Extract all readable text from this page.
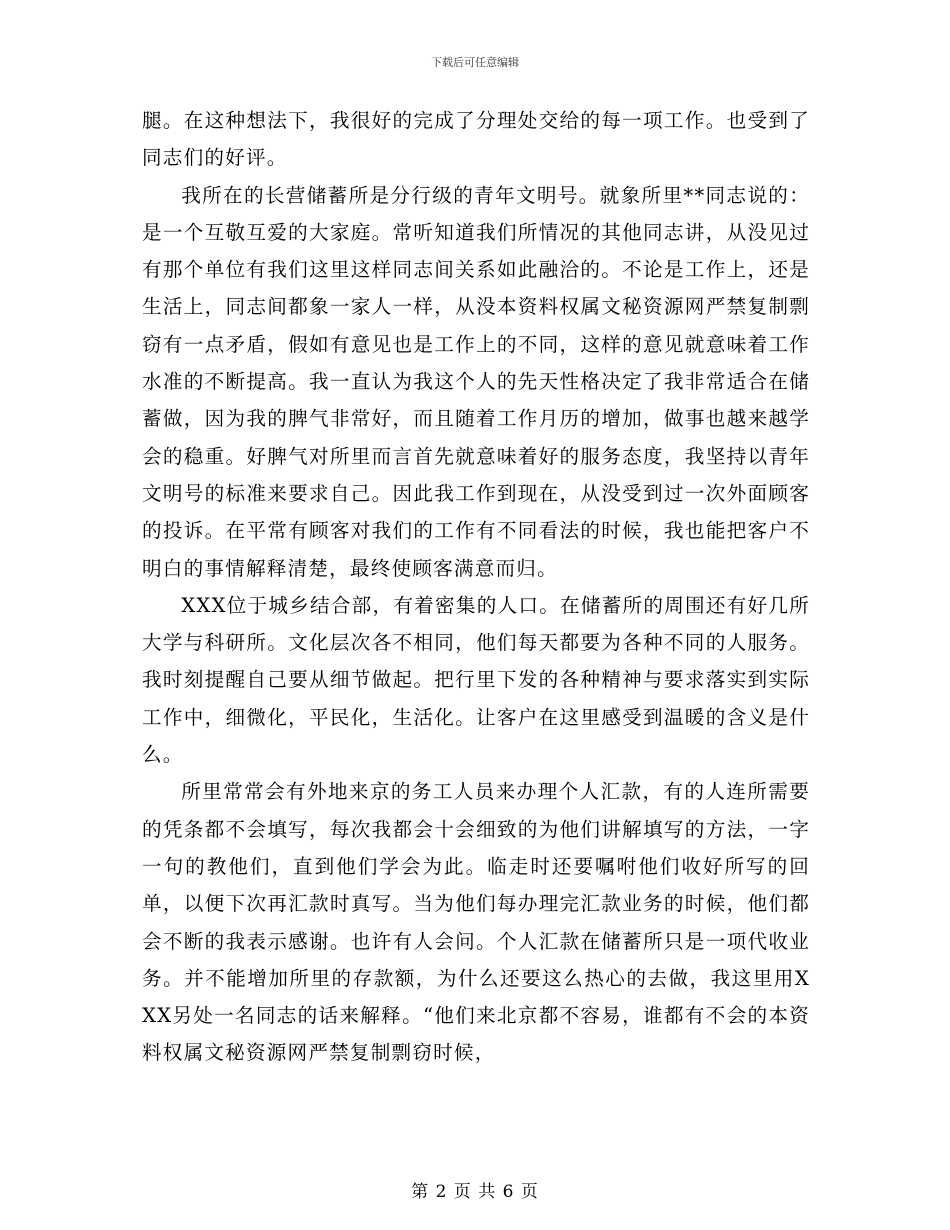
下载后可任意编辑

腿。在这种想法下，我很好的完成了分理处交给的每一项工作。也受到了同志们的好评。

我所在的长营储蓄所是分行级的青年文明号。就象所里**同志说的：是一个互敬互爱的大家庭。常听知道我们所情况的其他同志讲，从没见过有那个单位有我们这里这样同志间关系如此融洽的。不论是工作上，还是生活上，同志间都象一家人一样，从没本资料权属文秘资源网严禁复制剽窃有一点矛盾，假如有意见也是工作上的不同，这样的意见就意味着工作水准的不断提高。我一直认为我这个人的先天性格决定了我非常适合在储蓄做，因为我的脾气非常好，而且随着工作月历的增加，做事也越来越学会的稳重。好脾气对所里而言首先就意味着好的服务态度，我坚持以青年文明号的标准来要求自己。因此我工作到现在，从没受到过一次外面顾客的投诉。在平常有顾客对我们的工作有不同看法的时候，我也能把客户不明白的事情解释清楚，最终使顾客满意而归。

XXX位于城乡结合部，有着密集的人口。在储蓄所的周围还有好几所大学与科研所。文化层次各不相同，他们每天都要为各种不同的人服务。我时刻提醒自己要从细节做起。把行里下发的各种精神与要求落实到实际工作中，细微化，平民化，生活化。让客户在这里感受到温暖的含义是什么。

所里常常会有外地来京的务工人员来办理个人汇款，有的人连所需要的凭条都不会填写，每次我都会十会细致的为他们讲解填写的方法，一字一句的教他们，直到他们学会为此。临走时还要嘱咐他们收好所写的回单，以便下次再汇款时真写。当为他们每办理完汇款业务的时候，他们都会不断的我表示感谢。也许有人会问。个人汇款在储蓄所只是一项代收业务。并不能增加所里的存款额，为什么还要这么热心的去做，我这里用XXX另处一名同志的话来解释。“他们来北京都不容易，谁都有不会的本资料权属文秘资源网严禁复制剽窃时候，

第 2 页 共 6 页
